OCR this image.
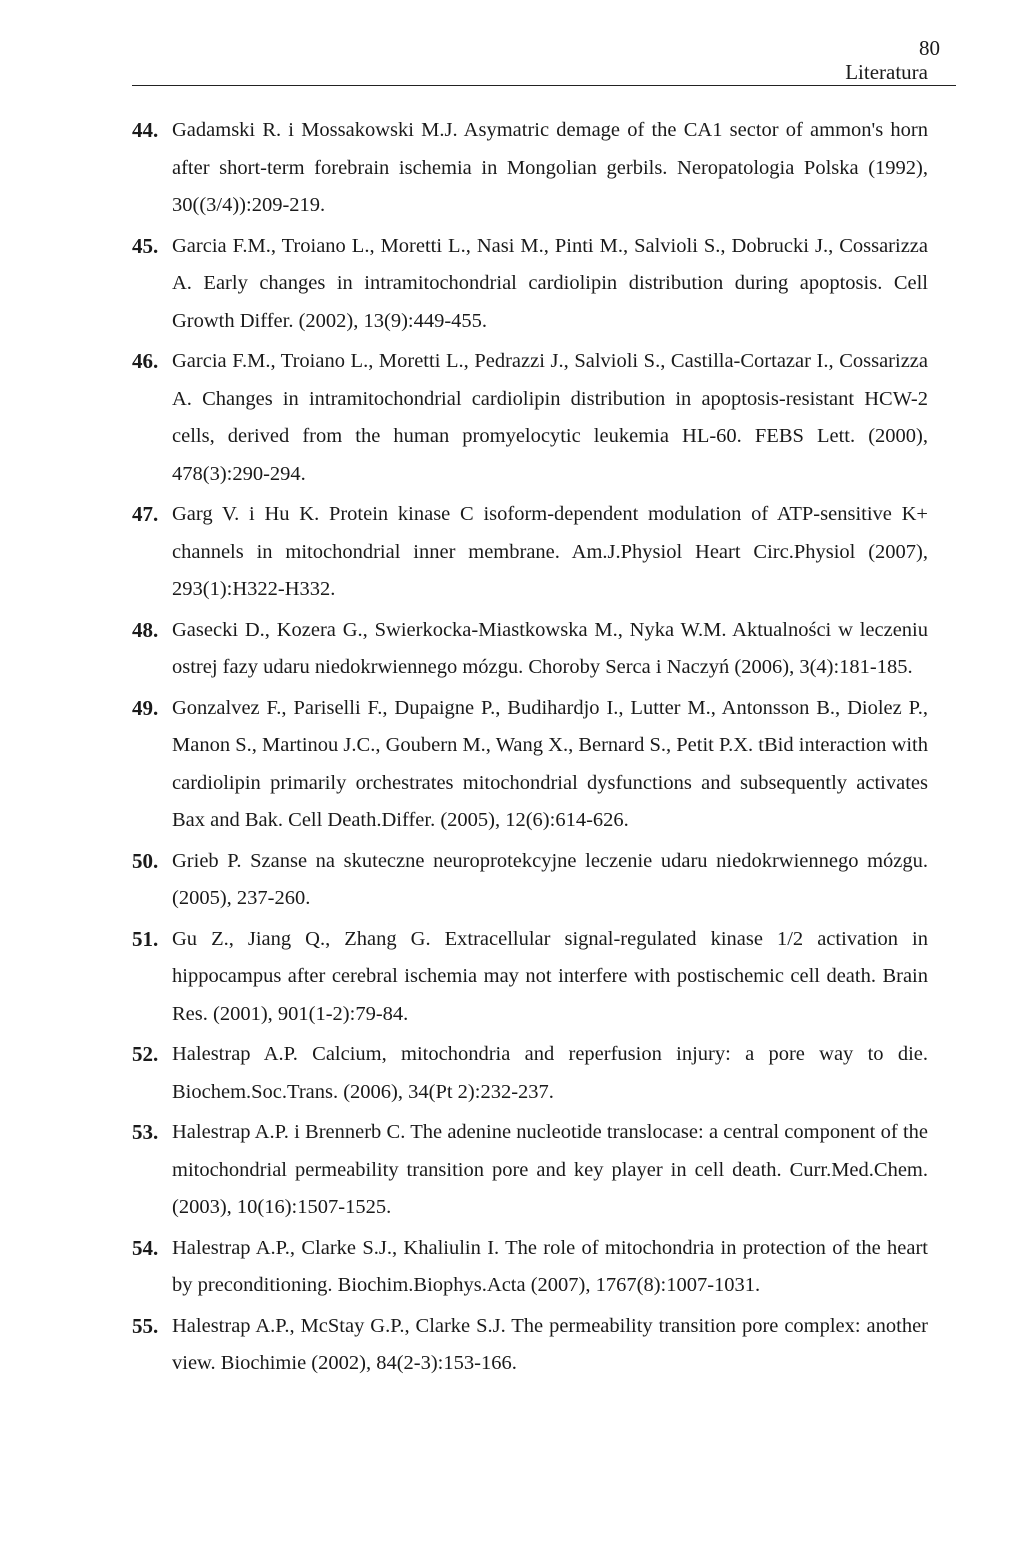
80
Literatura
44. Gadamski R. i Mossakowski M.J. Asymatric demage of the CA1 sector of ammon's horn after short-term forebrain ischemia in Mongolian gerbils. Neropatologia Polska (1992), 30((3/4)):209-219.
45. Garcia F.M., Troiano L., Moretti L., Nasi M., Pinti M., Salvioli S., Dobrucki J., Cossarizza A. Early changes in intramitochondrial cardiolipin distribution during apoptosis. Cell Growth Differ. (2002), 13(9):449-455.
46. Garcia F.M., Troiano L., Moretti L., Pedrazzi J., Salvioli S., Castilla-Cortazar I., Cossarizza A. Changes in intramitochondrial cardiolipin distribution in apoptosis-resistant HCW-2 cells, derived from the human promyelocytic leukemia HL-60. FEBS Lett. (2000), 478(3):290-294.
47. Garg V. i Hu K. Protein kinase C isoform-dependent modulation of ATP-sensitive K+ channels in mitochondrial inner membrane. Am.J.Physiol Heart Circ.Physiol (2007), 293(1):H322-H332.
48. Gasecki D., Kozera G., Swierkocka-Miastkowska M., Nyka W.M. Aktualności w leczeniu ostrej fazy udaru niedokrwiennego mózgu. Choroby Serca i Naczyń (2006), 3(4):181-185.
49. Gonzalvez F., Pariselli F., Dupaigne P., Budihardjo I., Lutter M., Antonsson B., Diolez P., Manon S., Martinou J.C., Goubern M., Wang X., Bernard S., Petit P.X. tBid interaction with cardiolipin primarily orchestrates mitochondrial dysfunctions and subsequently activates Bax and Bak. Cell Death.Differ. (2005), 12(6):614-626.
50. Grieb P. Szanse na skuteczne neuroprotekcyjne leczenie udaru niedokrwiennego mózgu. (2005), 237-260.
51. Gu Z., Jiang Q., Zhang G. Extracellular signal-regulated kinase 1/2 activation in hippocampus after cerebral ischemia may not interfere with postischemic cell death. Brain Res. (2001), 901(1-2):79-84.
52. Halestrap A.P. Calcium, mitochondria and reperfusion injury: a pore way to die. Biochem.Soc.Trans. (2006), 34(Pt 2):232-237.
53. Halestrap A.P. i Brennerb C. The adenine nucleotide translocase: a central component of the mitochondrial permeability transition pore and key player in cell death. Curr.Med.Chem. (2003), 10(16):1507-1525.
54. Halestrap A.P., Clarke S.J., Khaliulin I. The role of mitochondria in protection of the heart by preconditioning. Biochim.Biophys.Acta (2007), 1767(8):1007-1031.
55. Halestrap A.P., McStay G.P., Clarke S.J. The permeability transition pore complex: another view. Biochimie (2002), 84(2-3):153-166.
